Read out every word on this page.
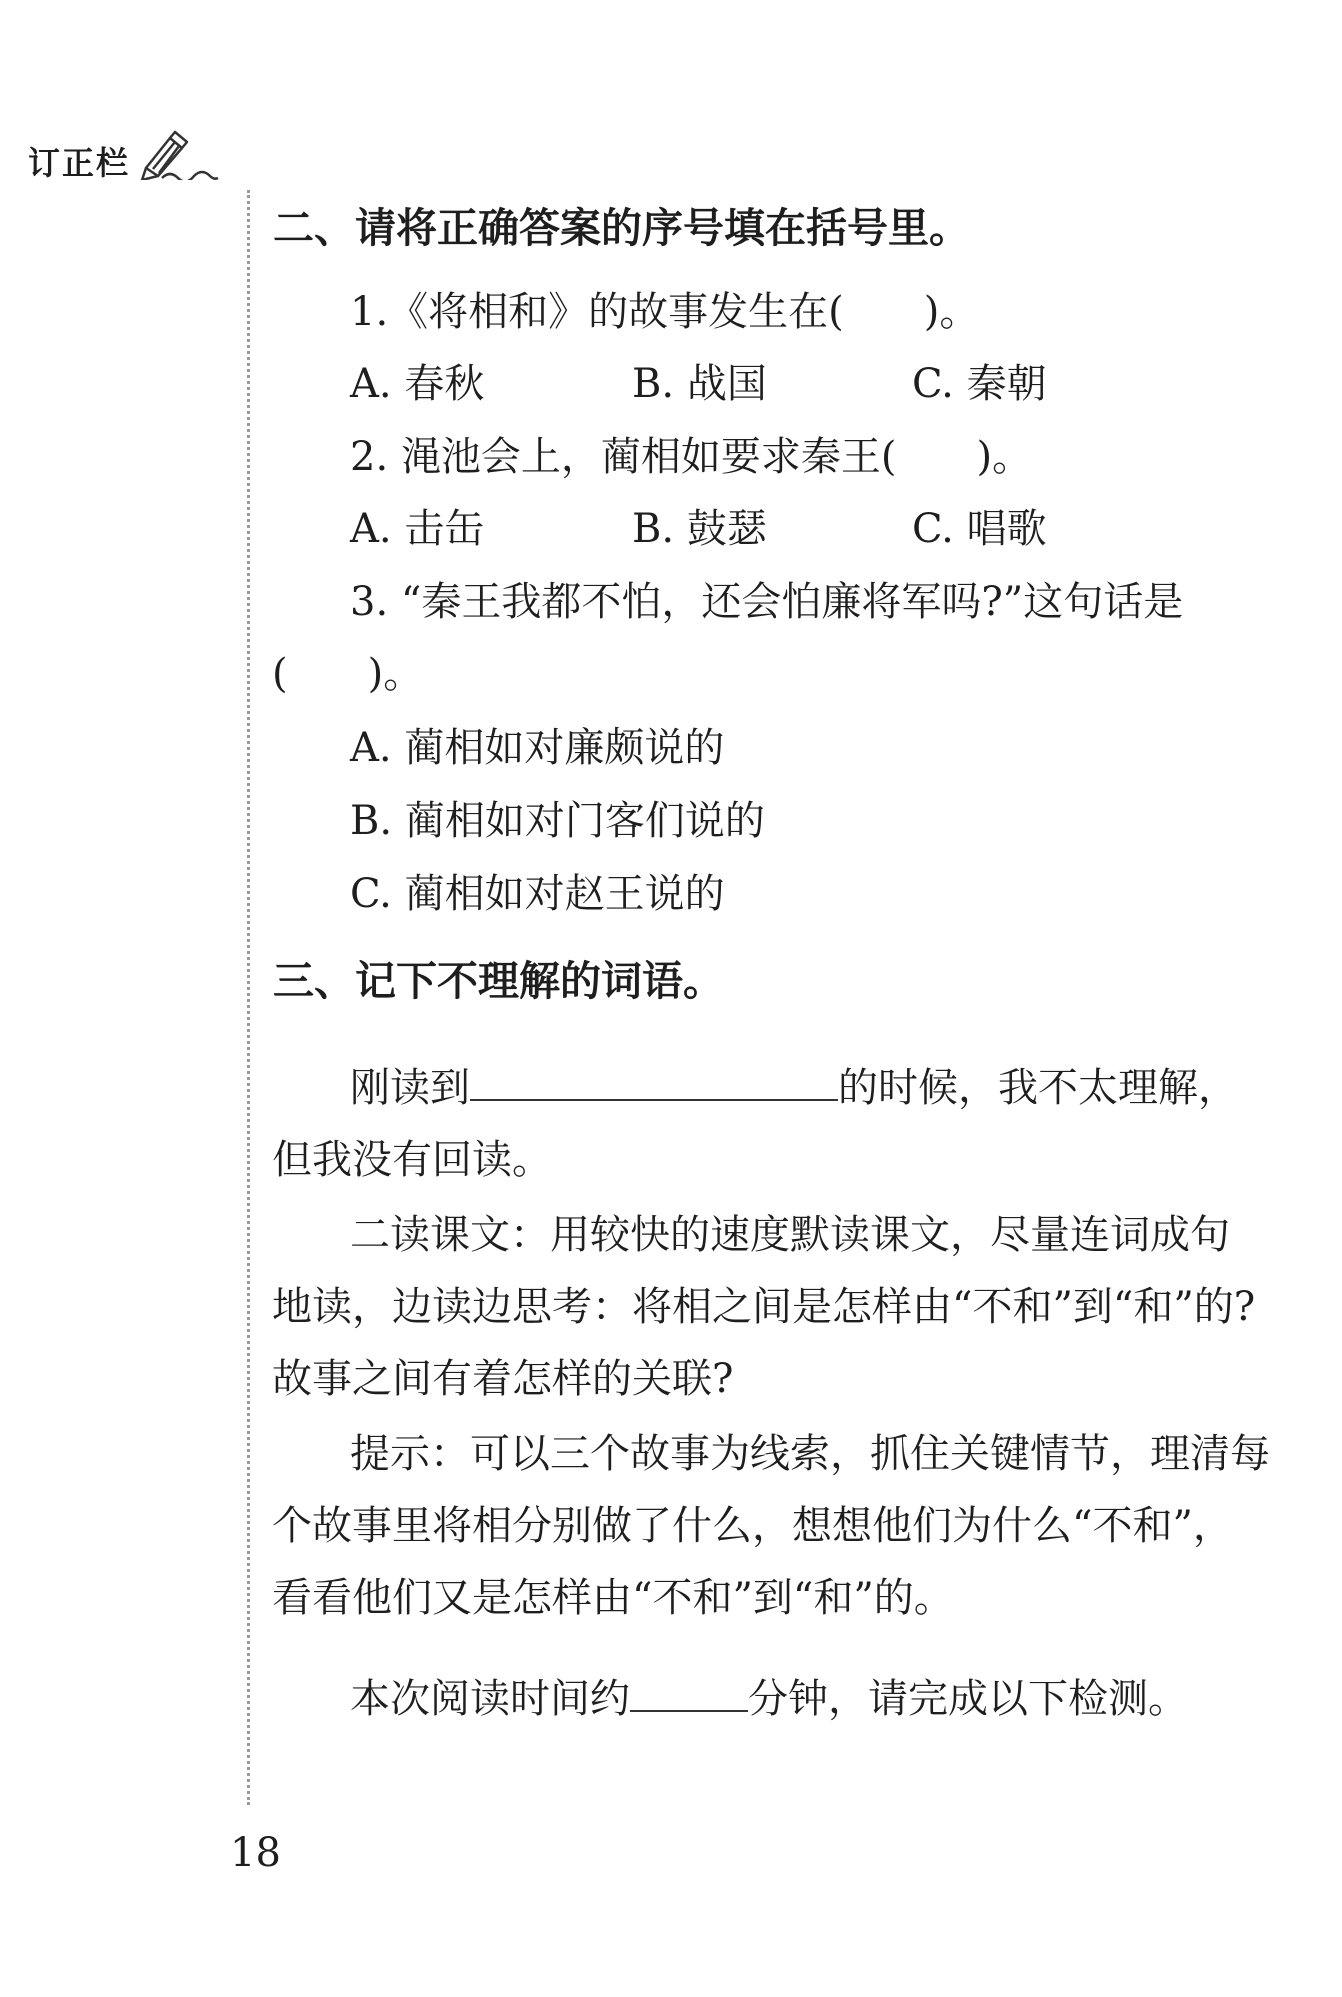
订正栏
二、请将正确答案的序号填在括号里。
1.《将相和》的故事发生在(　　)。
A. 春秋	B. 战国	C. 秦朝
2. 渑池会上，蔺相如要求秦王(　　)。
A. 击缶	B. 鼓瑟	C. 唱歌
3. “秦王我都不怕，还会怕廉将军吗?”这句话是
(　　)。
A. 蔺相如对廉颇说的
B. 蔺相如对门客们说的
C. 蔺相如对赵王说的
三、记下不理解的词语。
刚读到	的时候，我不太理解，
但我没有回读。
二读课文：用较快的速度默读课文，尽量连词成句
地读，边读边思考：将相之间是怎样由“不和”到“和”的?
故事之间有着怎样的关联?
提示：可以三个故事为线索，抓住关键情节，理清每
个故事里将相分别做了什么，想想他们为什么“不和”，
看看他们又是怎样由“不和”到“和”的。
本次阅读时间约	分钟，请完成以下检测。
18
